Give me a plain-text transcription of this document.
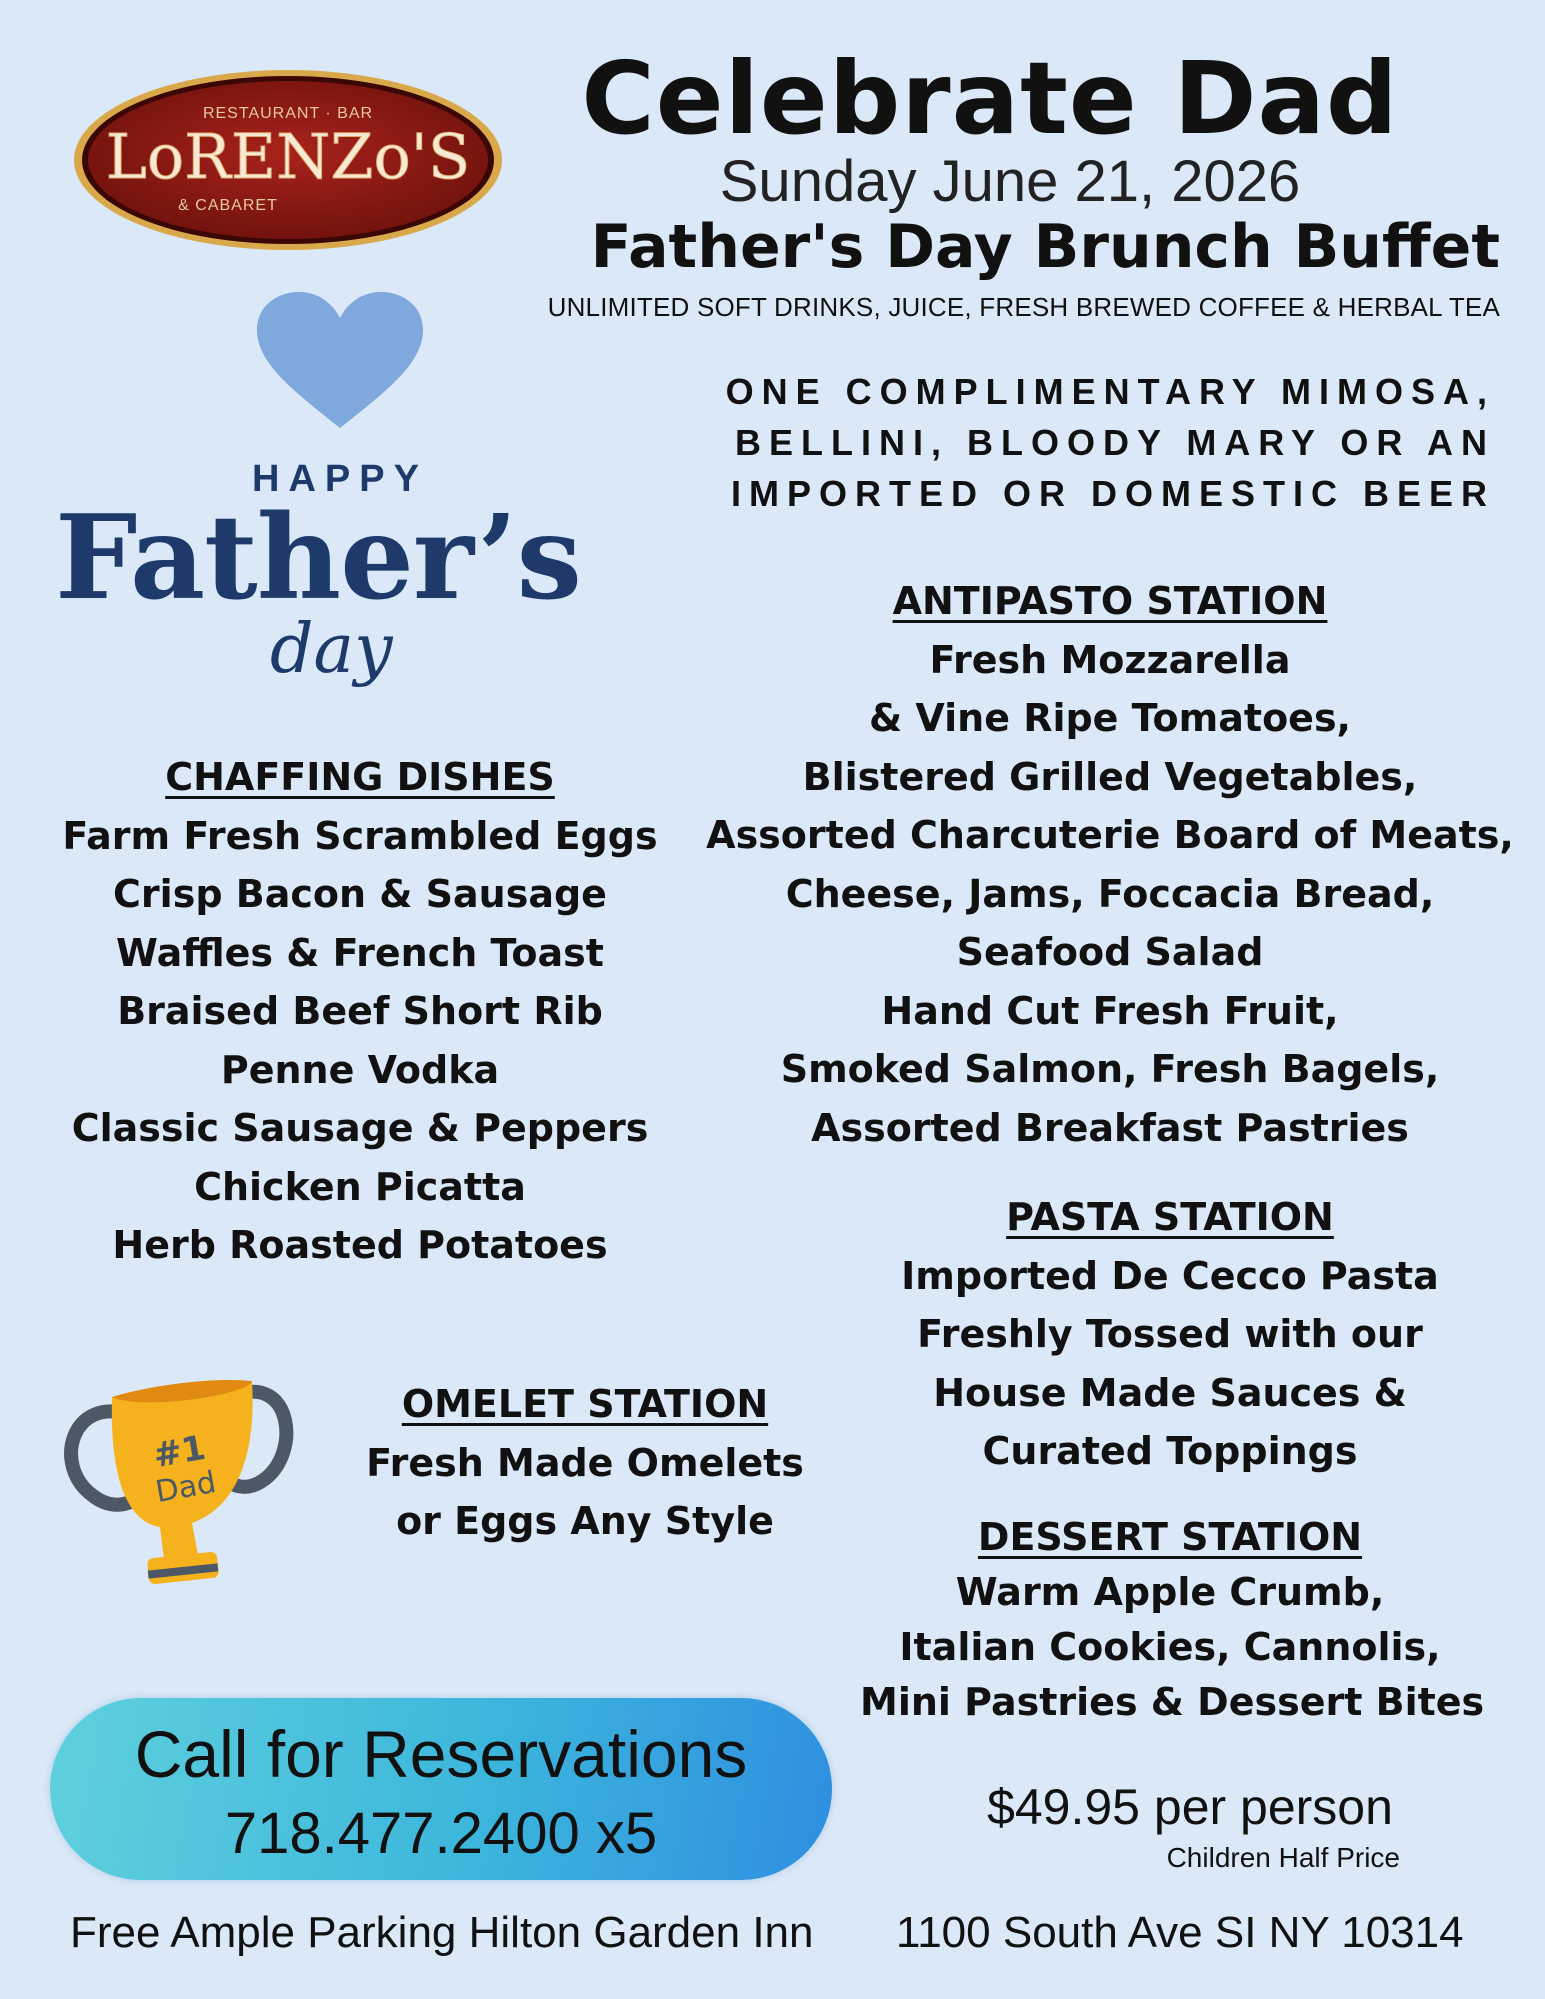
RESTAURANT · BAR
LoRENZo'S
& CABARET
Celebrate Dad
Sunday June 21, 2026
Father's Day Brunch Buffet
UNLIMITED SOFT DRINKS, JUICE, FRESH BREWED COFFEE & HERBAL TEA
ONE COMPLIMENTARY MIMOSA,
BELLINI, BLOODY MARY OR AN
IMPORTED OR DOMESTIC BEER
HAPPY
Father’s
day
CHAFFING DISHES
Farm Fresh Scrambled Eggs
Crisp Bacon & Sausage
Waffles & French Toast
Braised Beef Short Rib
Penne Vodka
Classic Sausage & Peppers
Chicken Picatta
Herb Roasted Potatoes
ANTIPASTO STATION
Fresh Mozzarella
& Vine Ripe Tomatoes,
Blistered Grilled Vegetables,
Assorted Charcuterie Board of Meats,
Cheese, Jams, Foccacia Bread,
Seafood Salad
Hand Cut Fresh Fruit,
Smoked Salmon, Fresh Bagels,
Assorted Breakfast Pastries
PASTA STATION
Imported De Cecco Pasta
Freshly Tossed with our
House Made Sauces &
Curated Toppings
DESSERT STATION
Warm Apple Crumb,
Italian Cookies, Cannolis,
Mini Pastries & Dessert Bites
#1
Dad
OMELET STATION
Fresh Made Omelets
or Eggs Any Style
Call for Reservations
718.477.2400 x5	$49.95 per person
Children Half Price
Free Ample Parking Hilton Garden Inn	1100 South Ave SI NY 10314
